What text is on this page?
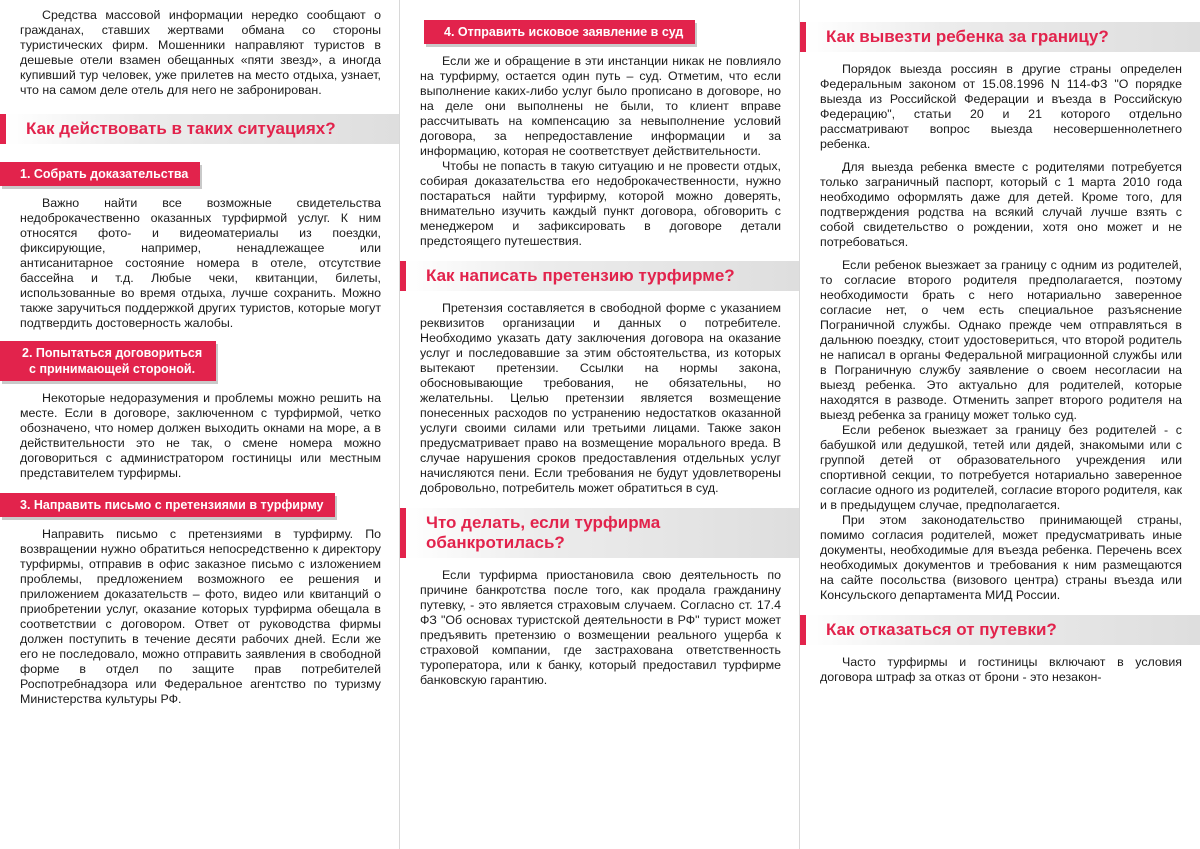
Средства массовой информации нередко сообщают о гражданах, ставших жертвами обмана со стороны туристических фирм. Мошенники направляют туристов в дешевые отели взамен обещанных «пяти звезд», а иногда купивший тур человек, уже прилетев на место отдыха, узнает, что на самом деле отель для него не забронирован.

Как действовать в таких ситуациях?
1. Собрать доказательства

Важно найти все возможные свидетельства недоброкачественно оказанных турфирмой услуг. К ним относятся фото- и видеоматериалы из поездки, фиксирующие, например, ненадлежащее или антисанитарное состояние номера в отеле, отсутствие бассейна и т.д. Любые чеки, квитанции, билеты, использованные во время отдыха, лучше сохранить. Можно также заручиться поддержкой других туристов, которые могут подтвердить достоверность жалобы.

2. Попытаться договориться
с принимающей стороной.

Некоторые недоразумения и проблемы можно решить на месте. Если в договоре, заключенном с турфирмой, четко обозначено, что номер должен выходить окнами на море, а в действительности это не так, о смене номера можно договориться с администратором гостиницы или местным представителем турфирмы.

3. Направить письмо с претензиями в турфирму

Направить письмо с претензиями в турфирму. По возвращении нужно обратиться непосредственно к директору турфирмы, отправив в офис заказное письмо с изложением проблемы, предложением возможного ее решения и приложением доказательств – фото, видео или квитанций о приобретении услуг, оказание которых турфирма обещала в соответствии с договором. Ответ от руководства фирмы должен поступить в течение десяти рабочих дней. Если же его не последовало, можно отправить заявления в свободной форме в отдел по защите прав потребителей Роспотребнадзора или Федеральное агентство по туризму Министерства культуры РФ.

4. Отправить исковое заявление в суд

Если же и обращение в эти инстанции никак не повлияло на турфирму, остается один путь – суд. Отметим, что если выполнение каких-либо услуг было прописано в договоре, но на деле они выполнены не были, то клиент вправе рассчитывать на компенсацию за невыполнение условий договора, за непредоставление информации и за информацию, которая не соответствует действительности.

Чтобы не попасть в такую ситуацию и не провести отдых, собирая доказательства его недоброкачественности, нужно постараться найти турфирму, которой можно доверять, внимательно изучить каждый пункт договора, обговорить с менеджером и зафиксировать в договоре детали предстоящего путешествия.

Как написать претензию турфирме?

Претензия составляется в свободной форме с указанием реквизитов организации и данных о потребителе. Необходимо указать дату заключения договора на оказание услуг и последовавшие за этим обстоятельства, из которых вытекают претензии. Ссылки на нормы закона, обосновывающие требования, не обязательны, но желательны. Целью претензии является возмещение понесенных расходов по устранению недостатков оказанной услуги своими силами или третьими лицами. Также закон предусматривает право на возмещение морального вреда. В случае нарушения сроков предоставления отдельных услуг начисляются пени. Если требования не будут удовлетворены добровольно, потребитель может обратиться в суд.

Что делать, если турфирма
обанкротилась?

Если турфирма приостановила свою деятельность по причине банкротства после того, как продала гражданину путевку, - это является страховым случаем. Согласно ст. 17.4 ФЗ "Об основах туристской деятельности в РФ" турист может предъявить претензию о возмещении реального ущерба к страховой компании, где застрахована ответственность туроператора, или к банку, который предоставил турфирме банковскую гарантию.

Как вывезти ребенка за границу?

Порядок выезда россиян в другие страны определен Федеральным законом от 15.08.1996 N 114-ФЗ "О порядке выезда из Российской Федерации и въезда в Российскую Федерацию", статьи 20 и 21 которого отдельно рассматривают вопрос выезда несовершеннолетнего ребенка.

Для выезда ребенка вместе с родителями потребуется только заграничный паспорт, который с 1 марта 2010 года необходимо оформлять даже для детей. Кроме того, для подтверждения родства на всякий случай лучше взять с собой свидетельство о рождении, хотя оно может и не потребоваться.

Если ребенок выезжает за границу с одним из родителей, то согласие второго родителя предполагается, поэтому необходимости брать с него нотариально заверенное согласие нет, о чем есть специальное разъяснение Пограничной службы. Однако прежде чем отправляться в дальнюю поездку, стоит удостовериться, что второй родитель не написал в органы Федеральной миграционной службы или в Пограничную службу заявление о своем несогласии на выезд ребенка. Это актуально для родителей, которые находятся в разводе. Отменить запрет второго родителя на выезд ребенка за границу может только суд.

Если ребенок выезжает за границу без родителей - с бабушкой или дедушкой, тетей или дядей, знакомыми или с группой детей от образовательного учреждения или спортивной секции, то потребуется нотариально заверенное согласие одного из родителей, согласие второго родителя, как и в предыдущем случае, предполагается.

При этом законодательство принимающей страны, помимо согласия родителей, может предусматривать иные документы, необходимые для въезда ребенка. Перечень всех необходимых документов и требования к ним размещаются на сайте посольства (визового центра) страны въезда или Консульского департамента МИД России.

Как отказаться от путевки?

Часто турфирмы и гостиницы включают в условия договора штраф за отказ от брони - это незакон-
